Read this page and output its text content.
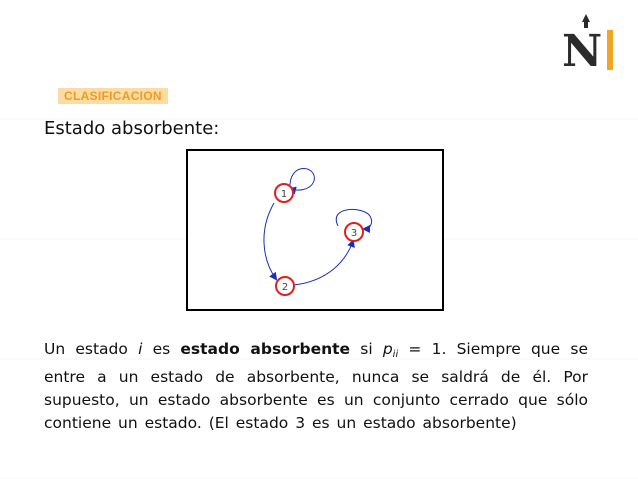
N
CLASIFICACION
Estado absorbente:
1
3
2
Un estado i es estado absorbente si $p_{ii} = 1$. Siempre que se entre a un estado de absorbente, nunca se saldrá de él. Por supuesto, un estado absorbente es un conjunto cerrado que sólo contiene un estado. (El estado 3 es un estado absorbente)
